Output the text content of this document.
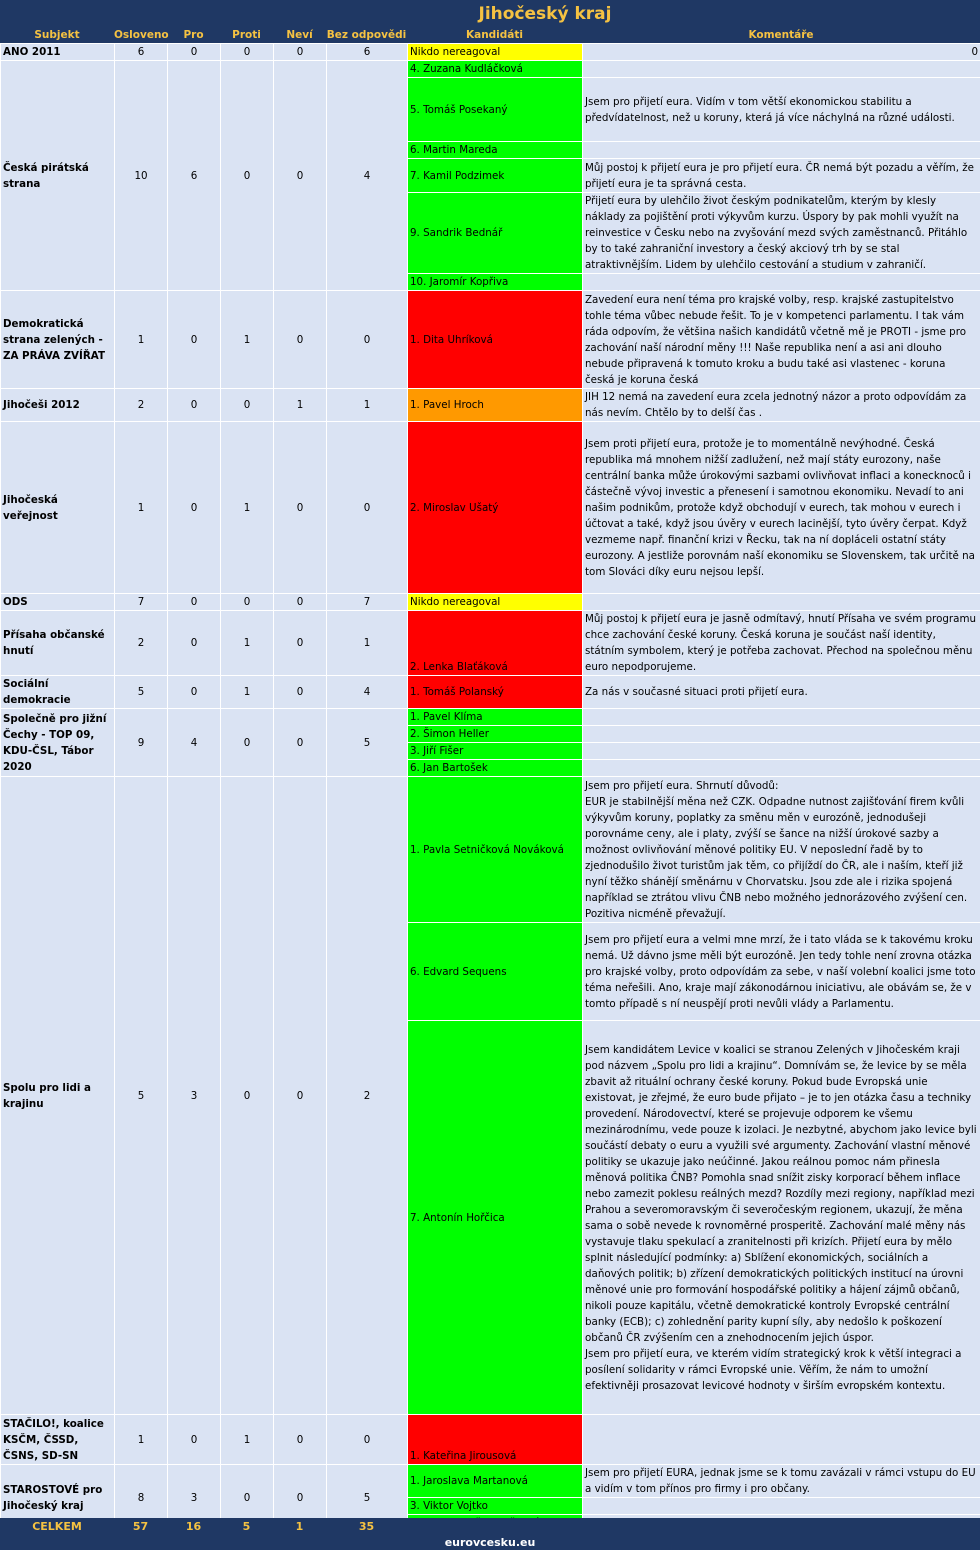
Jihočeský kraj
Subjekt	Osloveno	Pro	Proti	Neví	Bez odpovědi	Kandidáti	Komentáře
ANO 2011	6	0	0	0	6	Nikdo nereagoval	0
Česká pirátská strana	10	6	0	0	4	4. Zuzana Kudláčková	
						5. Tomáš Posekaný	Jsem pro přijetí eura. Vidím v tom větší ekonomickou stabilitu a předvídatelnost, než u koruny, která já více náchylná na různé události.
						6. Martin Mareda	
						7. Kamil Podzimek	Můj postoj k přijetí eura je pro přijetí eura. ČR nemá být pozadu a věřím, že přijetí eura je ta správná cesta.
						9. Sandrik Bednář	Přijetí eura by ulehčilo život českým podnikatelům, kterým by klesly náklady za pojištění proti výkyvům kurzu. Úspory by pak mohli využít na reinvestice v Česku nebo na zvyšování mezd svých zaměstnanců. Přitáhlo by to také zahraniční investory a český akciový trh by se stal atraktivnějším. Lidem by ulehčilo cestování a studium v zahraničí.
						10. Jaromír Kopřiva	
Demokratická strana zelených - ZA PRÁVA ZVÍŘAT	1	0	1	0	0	1. Dita Uhríková	Zavedení eura není téma pro krajské volby, resp. krajské zastupitelstvo tohle téma vůbec nebude řešit. To je v kompetenci parlamentu. I tak vám ráda odpovím, že většina našich kandidátů včetně mě je PROTI - jsme pro zachování naší národní měny !!! Naše republika není a asi ani dlouho nebude připravená k tomuto kroku a budu také asi vlastenec - koruna česká je koruna česká
Jihočeši 2012	2	0	0	1	1	1. Pavel Hroch	JIH 12 nemá na zavedení eura zcela jednotný názor a proto odpovídám za nás nevím. Chtělo by to delší čas .
Jihočeská veřejnost	1	0	1	0	0	2. Miroslav Ušatý	Jsem proti přijetí eura, protože je to momentálně nevýhodné. Česká republika má mnohem nižší zadlužení, než mají státy eurozony, naše centrální banka může úrokovými sazbami ovlivňovat inflaci a konecknoců i částečně vývoj investic a přenesení i samotnou ekonomiku. Nevadí to ani našim podnikům, protože když obchodují v eurech, tak mohou v eurech i účtovat a také, když jsou úvěry v eurech lacinější, tyto úvěry čerpat. Když vezmeme např. finanční krizi v Řecku, tak na ní dopláceli ostatní státy eurozony. A jestliže porovnám naší ekonomiku se Slovenskem, tak určitě na tom Slováci díky euru nejsou lepší.
ODS	7	0	0	0	7	Nikdo nereagoval	
Přísaha občanské hnutí	2	0	1	0	1	2. Lenka Blaťáková	Můj postoj k přijetí eura je jasně odmítavý, hnutí Přísaha ve svém programu chce zachování české koruny. Česká koruna je součást naší identity, státním symbolem, který je potřeba zachovat. Přechod na společnou měnu euro nepodporujeme.
Sociální demokracie	5	0	1	0	4	1. Tomáš Polanský	Za nás v současné situaci proti přijetí eura.
Společně pro jižní Čechy - TOP 09, KDU-ČSL, Tábor 2020	9	4	0	0	5	1. Pavel Klíma	
						2. Šimon Heller	
						3. Jiří Fišer	
						6. Jan Bartošek	
Spolu pro lidi a krajinu	5	3	0	0	2	1. Pavla Setničková Nováková	Jsem pro přijetí eura. Shrnutí důvodů:
EUR je stabilnější měna než CZK. Odpadne nutnost zajišťování firem kvůli výkyvům koruny, poplatky za směnu měn v eurozóně, jednodušeji porovnáme ceny, ale i platy, zvýší se šance na nižší úrokové sazby a možnost ovlivňování měnové politiky EU. V neposlední řadě by to zjednodušilo život turistům jak těm, co přijíždí do ČR, ale i naším, kteří již nyní těžko shánějí směnárnu v Chorvatsku. Jsou zde ale i rizika spojená například se ztrátou vlivu ČNB nebo možného jednorázového zvýšení cen. Pozitiva nicméně převažují.
						6. Edvard Sequens	Jsem pro přijetí eura a velmi mne mrzí, že i tato vláda se k takovému kroku nemá. Už dávno jsme měli být eurozóně. Jen tedy tohle není zrovna otázka pro krajské volby, proto odpovídám za sebe, v naší volební koalici jsme toto téma neřešili. Ano, kraje mají zákonodárnou iniciativu, ale obávám se, že v tomto případě s ní neuspějí proti nevůli vlády a Parlamentu.
						7. Antonín Hořčica	Jsem kandidátem Levice v koalici se stranou Zelených v Jihočeském kraji pod názvem „Spolu pro lidi a krajinu“. Domnívám se, že levice by se měla zbavit až rituální ochrany české koruny. Pokud bude Evropská unie existovat, je zřejmé, že euro bude přijato – je to jen otázka času a techniky provedení. Národovectví, které se projevuje odporem ke všemu mezinárodnímu, vede pouze k izolaci. Je nezbytné, abychom jako levice byli součástí debaty o euru a využili své argumenty. Zachování vlastní měnové politiky se ukazuje jako neúčinné. Jakou reálnou pomoc nám přinesla měnová politika ČNB? Pomohla snad snížit zisky korporací během inflace nebo zamezit poklesu reálných mezd? Rozdíly mezi regiony, například mezi Prahou a severomoravským či severočeským regionem, ukazují, že měna sama o sobě nevede k rovnoměrné prosperitě. Zachování malé měny nás vystavuje tlaku spekulací a zranitelnosti při krizích. Přijetí eura by mělo splnit následující podmínky: a) Sblížení ekonomických, sociálních a daňových politik; b) zřízení demokratických politických institucí na úrovni měnové unie pro formování hospodářské politiky a hájení zájmů občanů, nikoli pouze kapitálu, včetně demokratické kontroly Evropské centrální banky (ECB); c) zohlednění parity kupní síly, aby nedošlo k poškození občanů ČR zvýšením cen a znehodnocením jejich úspor.
Jsem pro přijetí eura, ve kterém vidím strategický krok k větší integraci a posílení solidarity v rámci Evropské unie. Věřím, že nám to umožní efektivněji prosazovat levicové hodnoty v širším evropském kontextu.
STAČILO!, koalice KSČM, ČSSD, ČSNS, SD-SN	1	0	1	0	0	1. Kateřina Jirousová	
STAROSTOVÉ pro Jihočeský kraj	8	3	0	0	5	1. Jaroslava Martanová	Jsem pro přijetí EURA, jednak jsme se k tomu zavázali v rámci vstupu do EU a vidím v tom přínos pro firmy i pro občany.
						3. Viktor Vojtko	

CELKEM	57	16	5	1	35
eurovcesku.eu
